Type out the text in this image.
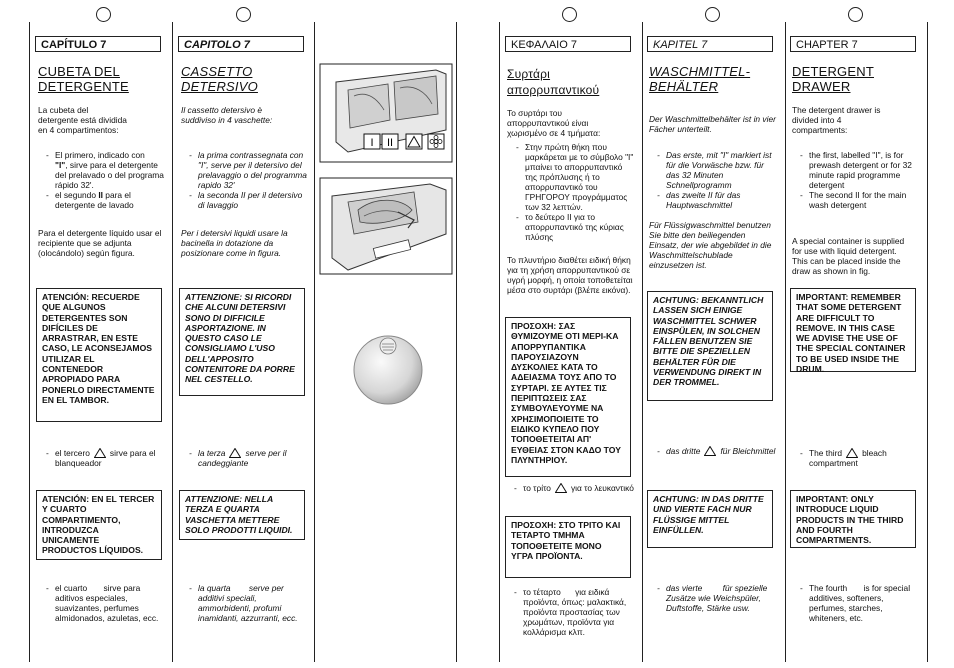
CAPÍTULO 7
CUBETA DEL
DETERGENTE
La cubeta del detergente está dividida en 4 compartimentos:
- El primero, indicado con
"I", sirve para el detergente del prelavado o del programa rápido 32'.
- el segundo II para el detergente de lavado
Para el detergente líquido usar el recipiente que se adjunta (olocándolo) según figura.
ATENCIÓN: RECUERDE QUE ALGUNOS DETERGENTES SON DIFÍCILES DE ARRASTRAR, EN ESTE CASO, LE ACONSEJAMOS UTILIZAR EL CONTENEDOR APROPIADO PARA PONERLO DIRECTAMENTE EN EL TAMBOR.
- el tercero sirve para el blanqueador
ATENCIÓN: EN EL TERCER Y CUARTO COMPARTIMENTO, INTRODUZCA UNICAMENTE PRODUCTOS LÍQUIDOS.
- el cuarto sirve para aditivos especiales, suavizantes, perfumes almidonados, azuletas, ecc.
CAPITOLO 7
CASSETTO
DETERSIVO
Il cassetto detersivo è suddiviso in 4 vaschette:
- la prima contrassegnata con "I", serve per il detersivo del prelavaggio o del programma rapido 32'
- la seconda II per il detersivo di lavaggio
Per i detersivi liquidi usare la bacinella in dotazione da posizionare come in figura.
ATTENZIONE: SI RICORDI CHE ALCUNI DETERSIVI SONO DI DIFFICILE ASPORTAZIONE. IN QUESTO CASO LE CONSIGLIAMO L'USO DELL'APPOSITO CONTENITORE DA PORRE NEL CESTELLO.
- la terza serve per il candeggiante
ATTENZIONE: NELLA TERZA E QUARTA VASCHETTA METTERE SOLO PRODOTTI LIQUIDI.
- la quarta serve per additivi speciali, ammorbidenti, profumi inamidanti, azzurranti, ecc.
I II
ΚΕΦΑΛΑΙΟ 7
Συρτάρι
απορρυπαντικού
Το συρτάρι του απορρυπαντικού είναι χωρισμένο σε 4 τμήματα:
- Στην πρώτη θήκη που μαρκάρεται με το σύμβολο "I" μπαίνει το απορρυπαντικό της πρόπλυσης ή το απορρυπαντικό του ΓΡΗΓΟΡΟΥ προγράμματος των 32 λεπτών.
- το δεύτερο II για το απορρυπαντικό της κύριας πλύσης
Το πλυντήριο διαθέτει ειδική θήκη για τη χρήση απορρυπαντικού σε υγρή μορφή, η οποία τοποθετείται μέσα στο συρτάρι (βλέπε εικόνα).
ΠΡΟΣΟΧΗ: ΣΑΣ ΘΥΜΙΖΟΥΜΕ ΟΤΙ ΜΕΡΙ-ΚΑ ΑΠΟΡΡΥΠΑΝΤΙΚΑ ΠΑΡΟΥΣΙΑΖΟΥΝ ΔΥΣΚΟΛΙΕΣ ΚΑΤΑ ΤΟ ΑΔΕΙΑΣΜΑ ΤΟΥΣ ΑΠΟ ΤΟ ΣΥΡΤΑΡΙ. ΣΕ ΑΥΤΕΣ ΤΙΣ ΠΕΡΙΠΤΩΣΕΙΣ ΣΑΣ ΣΥΜΒΟΥΛΕΥΟΥΜΕ ΝΑ ΧΡΗΣΙΜΟΠΟΙΕΙΤΕ ΤΟ ΕΙΔΙΚΟ ΚΥΠΕΛΟ ΠΟΥ ΤΟΠΟΘΕΤΕΙΤΑΙ ΑΠ' ΕΥΘΕΙΑΣ ΣΤΟΝ ΚΑΔΟ ΤΟΥ ΠΛΥΝΤΗΡΙΟΥ.
- το τρίτο για το λευκαντικό
ΠΡΟΣΟΧΗ: ΣΤΟ ΤΡΙΤΟ ΚΑΙ ΤΕΤΑΡΤΟ ΤΜΗΜΑ ΤΟΠΟΘΕΤΕΙΤΕ ΜΟΝΟ ΥΓΡΑ ΠΡΟΪΟΝΤΑ.
- το τέταρτο για ειδικά προϊόντα, όπως: μαλακτικά, προϊόντα προστασίας των χρωμάτων, προϊόντα για κολλάρισμα κλπ.
KAPITEL 7
WASCHMITTEL-
BEHÄLTER
Der Waschmittelbehälter ist in vier Fächer unterteilt.
- Das erste, mit "I" markiert ist für die Vorwäsche bzw. für das 32 Minuten Schnellprogramm
- das zweite II für das Hauptwaschmittel
Für Flüssigwaschmittel benutzen Sie bitte den beiliegenden Einsatz, der wie abgebildet in die Waschmittelschublade einzusetzen ist.
ACHTUNG: BEKANNTLICH LASSEN SICH EINIGE WASCHMITTEL SCHWER EINSPÜLEN, IN SOLCHEN FÄLLEN BENUTZEN SIE BITTE DIE SPEZIELLEN BEHÄLTER FÜR DIE VERWENDUNG DIREKT IN DER TROMMEL.
- das dritte für Bleichmittel
ACHTUNG: IN DAS DRITTE UND VIERTE FACH NUR FLÜSSIGE MITTEL EINFÜLLEN.
- das vierte für spezielle Zusätze wie Weichspüler, Duftstoffe, Stärke usw.
CHAPTER 7
DETERGENT
DRAWER
The detergent drawer is divided into 4 compartments:
- the first, labelled "I", is for prewash detergent or for 32 minute rapid programme detergent
- The second II for the main wash detergent
A special container is supplied for use with liquid detergent. This can be placed inside the draw as shown in fig.
IMPORTANT: REMEMBER THAT SOME DETERGENT ARE DIFFICULT TO REMOVE. IN THIS CASE WE ADVISE THE USE OF THE SPECIAL CONTAINER TO BE USED INSIDE THE DRUM.
- The third bleach compartment
IMPORTANT: ONLY INTRODUCE LIQUID PRODUCTS IN THE THIRD AND FOURTH COMPARTMENTS.
- The fourth is for special additives, softeners, perfumes, starches, whiteners, etc.
